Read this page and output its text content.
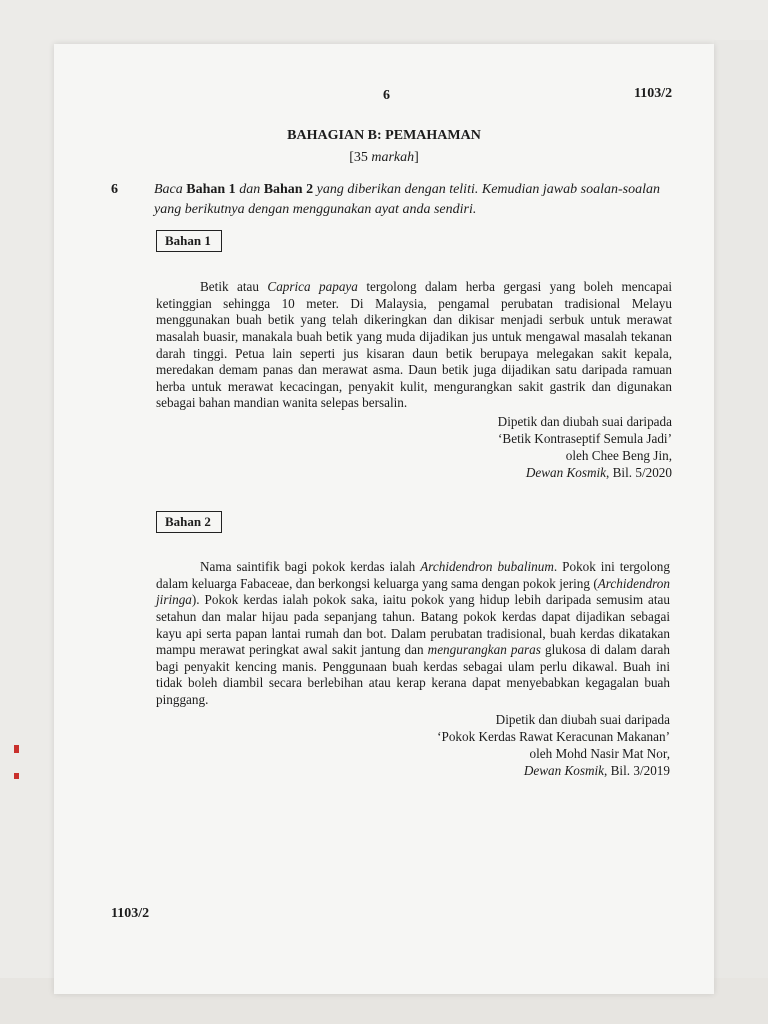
6	1103/2

BAHAGIAN B: PEMAHAMAN

[35 markah]

6	Baca Bahan 1 dan Bahan 2 yang diberikan dengan teliti. Kemudian jawab soalan-soalan yang berikutnya dengan menggunakan ayat anda sendiri.

Bahan 1

Betik atau Caprica papaya tergolong dalam herba gergasi yang boleh mencapai ketinggian sehingga 10 meter. Di Malaysia, pengamal perubatan tradisional Melayu menggunakan buah betik yang telah dikeringkan dan dikisar menjadi serbuk untuk merawat masalah buasir, manakala buah betik yang muda dijadikan jus untuk mengawal masalah tekanan darah tinggi. Petua lain seperti jus kisaran daun betik berupaya melegakan sakit kepala, meredakan demam panas dan merawat asma. Daun betik juga dijadikan satu daripada ramuan herba untuk merawat kecacingan, penyakit kulit, mengurangkan sakit gastrik dan digunakan sebagai bahan mandian wanita selepas bersalin.

Dipetik dan diubah suai daripada
‘Betik Kontraseptif Semula Jadi’
oleh Chee Beng Jin,
Dewan Kosmik, Bil. 5/2020
Bahan 2

Nama saintifik bagi pokok kerdas ialah Archidendron bubalinum. Pokok ini tergolong dalam keluarga Fabaceae, dan berkongsi keluarga yang sama dengan pokok jering (Archidendron jiringa). Pokok kerdas ialah pokok saka, iaitu pokok yang hidup lebih daripada semusim atau setahun dan malar hijau pada sepanjang tahun. Batang pokok kerdas dapat dijadikan sebagai kayu api serta papan lantai rumah dan bot. Dalam perubatan tradisional, buah kerdas dikatakan mampu merawat peringkat awal sakit jantung dan mengurangkan paras glukosa di dalam darah bagi penyakit kencing manis. Penggunaan buah kerdas sebagai ulam perlu dikawal. Buah ini tidak boleh diambil secara berlebihan atau kerap kerana dapat menyebabkan kegagalan buah pinggang.

Dipetik dan diubah suai daripada
‘Pokok Kerdas Rawat Keracunan Makanan’
oleh Mohd Nasir Mat Nor,
Dewan Kosmik, Bil. 3/2019

1103/2
